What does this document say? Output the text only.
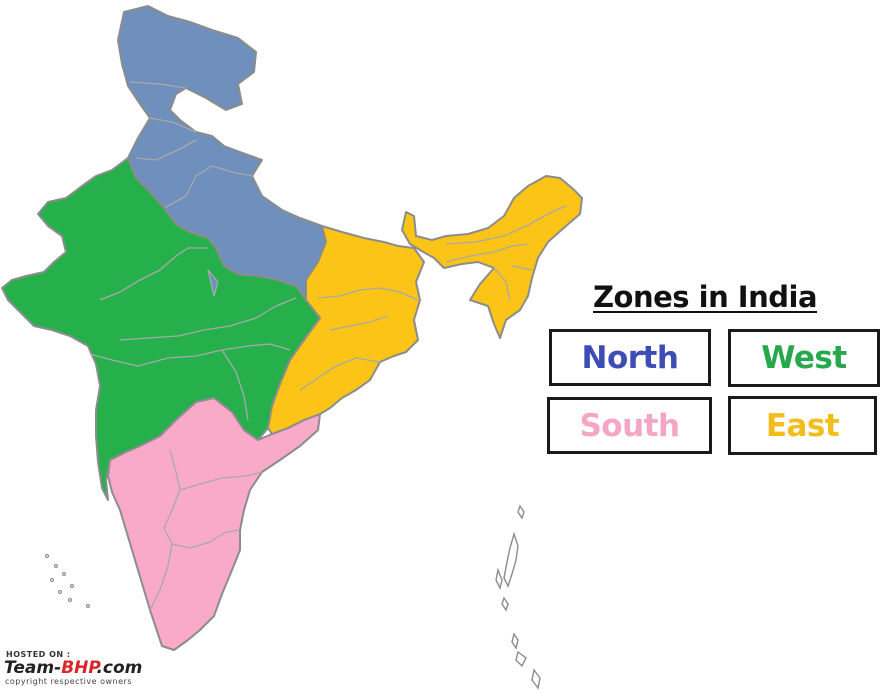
Zones in India
North	West
South	East
HOSTED ON :
Team-BHP.com
copyright respective owners
